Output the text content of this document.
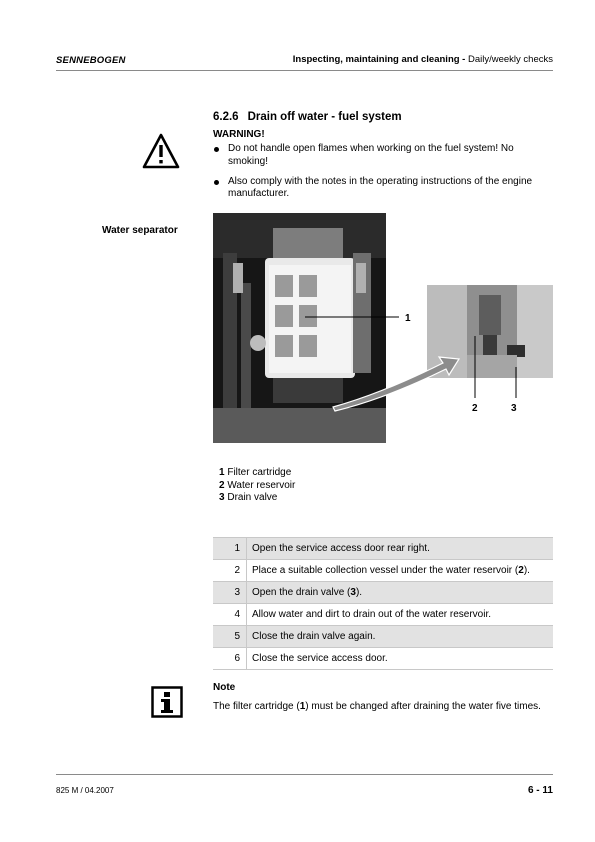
SENNEBOGEN	Inspecting, maintaining and cleaning - Daily/weekly checks
6.2.6 Drain off water - fuel system
WARNING!
Do not handle open flames when working on the fuel system! No smoking!
Also comply with the notes in the operating instructions of the engine manufacturer.
Water separator
1
2	3
1 Filter cartridge
2 Water reservoir
3 Drain valve
1	Open the service access door rear right.
2	Place a suitable collection vessel under the water reservoir (2).
3	Open the drain valve (3).
4	Allow water and dirt to drain out of the water reservoir.
5	Close the drain valve again.
6	Close the service access door.
Note
The filter cartridge (1) must be changed after draining the water five times.
825 M / 04.2007	6 - 11
